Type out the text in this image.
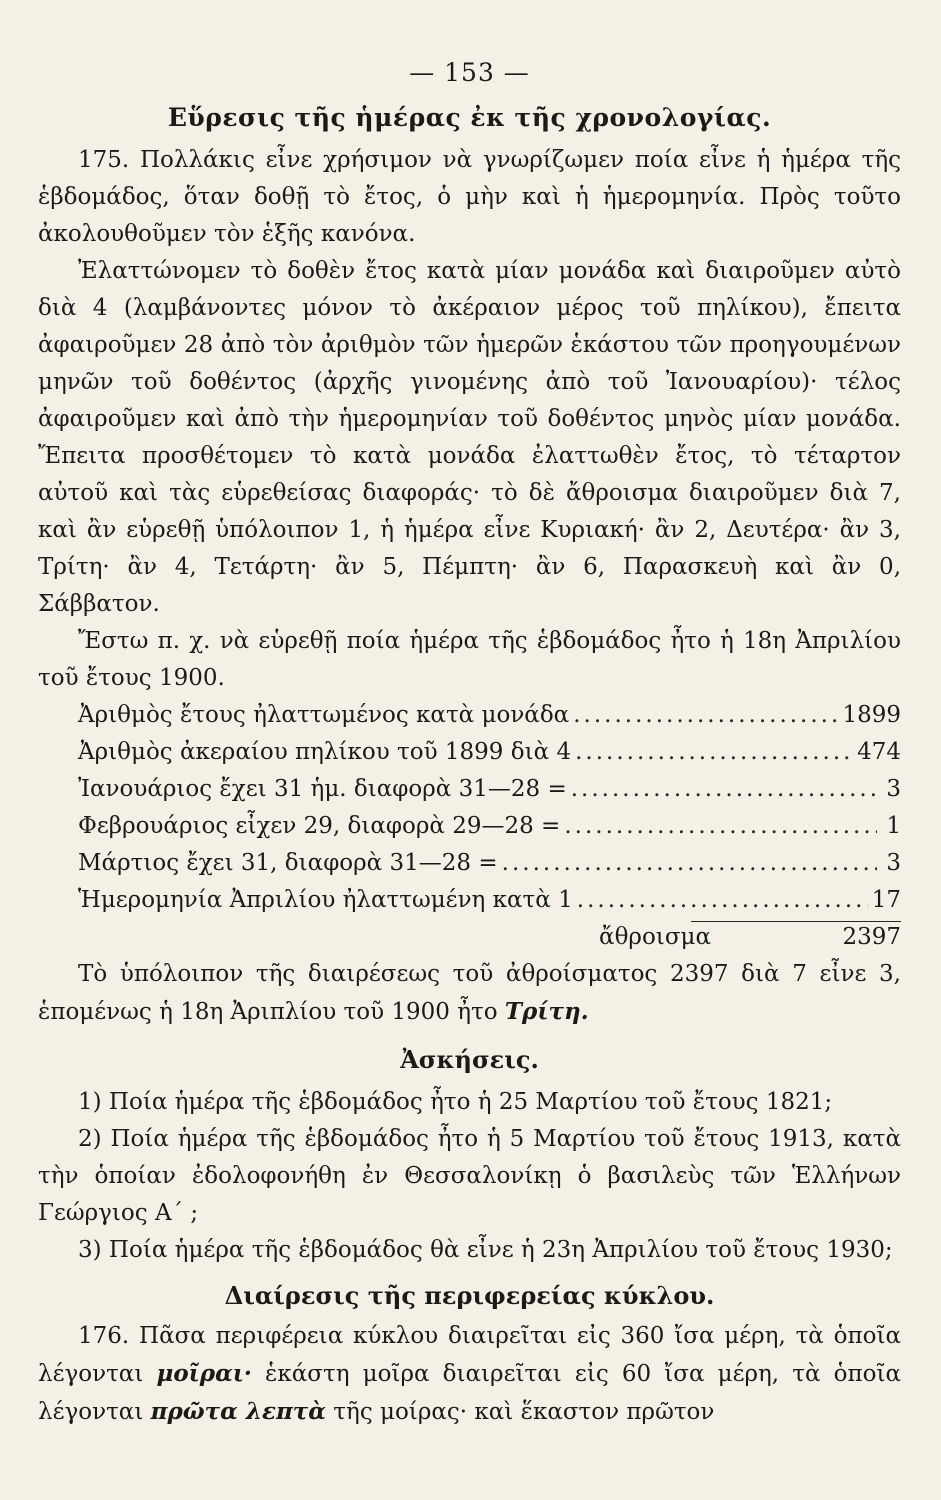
— 153 —
Εὕρεσις τῆς ἡμέρας ἐκ τῆς χρονολογίας.

175. Πολλάκις εἶνε χρήσιμον νὰ γνωρίζωμεν ποία εἶνε ἡ ἡμέρα τῆς ἑβδομάδος, ὅταν δοθῇ τὸ ἔτος, ὁ μὴν καὶ ἡ ἡμερομηνία. Πρὸς τοῦτο ἀκολουθοῦμεν τὸν ἑξῆς κανόνα.

Ἐλαττώνομεν τὸ δοθὲν ἔτος κατὰ μίαν μονάδα καὶ διαιροῦμεν αὐτὸ διὰ 4 (λαμβάνοντες μόνον τὸ ἀκέραιον μέρος τοῦ πηλίκου), ἔπειτα ἀφαιροῦμεν 28 ἀπὸ τὸν ἀριθμὸν τῶν ἡμερῶν ἑκάστου τῶν προηγουμένων μηνῶν τοῦ δοθέντος (ἀρχῆς γινομένης ἀπὸ τοῦ Ἰανουαρίου)· τέλος ἀφαιροῦμεν καὶ ἀπὸ τὴν ἡμερομηνίαν τοῦ δοθέντος μηνὸς μίαν μονάδα. Ἔπειτα προσθέτομεν τὸ κατὰ μονάδα ἐλαττωθὲν ἔτος, τὸ τέταρτον αὐτοῦ καὶ τὰς εὑρεθείσας διαφοράς· τὸ δὲ ἄθροισμα διαιροῦμεν διὰ 7, καὶ ἂν εὑρεθῇ ὑπόλοιπον 1, ἡ ἡμέρα εἶνε Κυριακή· ἂν 2, Δευτέρα· ἂν 3, Τρίτη· ἂν 4, Τετάρτη· ἂν 5, Πέμπτη· ἂν 6, Παρασκευὴ καὶ ἂν 0, Σάββατον.

Ἔστω π. χ. νὰ εὑρεθῇ ποία ἡμέρα τῆς ἑβδομάδος ἦτο ἡ 18η Ἀπριλίου τοῦ ἔτους 1900.

Ἀριθμὸς ἔτους ἠλαττωμένος κατὰ μονάδα .....	1899
Ἀριθμὸς ἀκεραίου πηλίκου τοῦ 1899 διὰ 4 .....	474
Ἰανουάριος ἔχει 31 ἡμ. διαφορὰ 31—28 = .....	3
Φεβρουάριος εἶχεν 29, διαφορὰ 29—28 = .....	1
Μάρτιος ἔχει 31, διαφορὰ 31—28 = .....	3
Ἡμερομηνία Ἀπριλίου ἠλαττωμένη κατὰ 1 .....	17
ἄθροισμα	2397

Τὸ ὑπόλοιπον τῆς διαιρέσεως τοῦ ἀθροίσματος 2397 διὰ 7 εἶνε 3, ἑπομένως ἡ 18η Ἀριπλίου τοῦ 1900 ἦτο Τρίτη.

Ἀσκήσεις.

1) Ποία ἡμέρα τῆς ἑβδομάδος ἦτο ἡ 25 Μαρτίου τοῦ ἔτους 1821;

2) Ποία ἡμέρα τῆς ἑβδομάδος ἦτο ἡ 5 Μαρτίου τοῦ ἔτους 1913, κατὰ τὴν ὁποίαν ἐδολοφονήθη ἐν Θεσσαλονίκῃ ὁ βασιλεὺς τῶν Ἑλλήνων Γεώργιος Α΄ ;

3) Ποία ἡμέρα τῆς ἑβδομάδος θὰ εἶνε ἡ 23η Ἀπριλίου τοῦ ἔτους 1930;

Διαίρεσις τῆς περιφερείας κύκλου.

176. Πᾶσα περιφέρεια κύκλου διαιρεῖται εἰς 360 ἴσα μέρη, τὰ ὁποῖα λέγονται μοῖραι· ἑκάστη μοῖρα διαιρεῖται εἰς 60 ἴσα μέρη, τὰ ὁποῖα λέγονται πρῶτα λεπτὰ τῆς μοίρας· καὶ ἕκαστον πρῶτον
